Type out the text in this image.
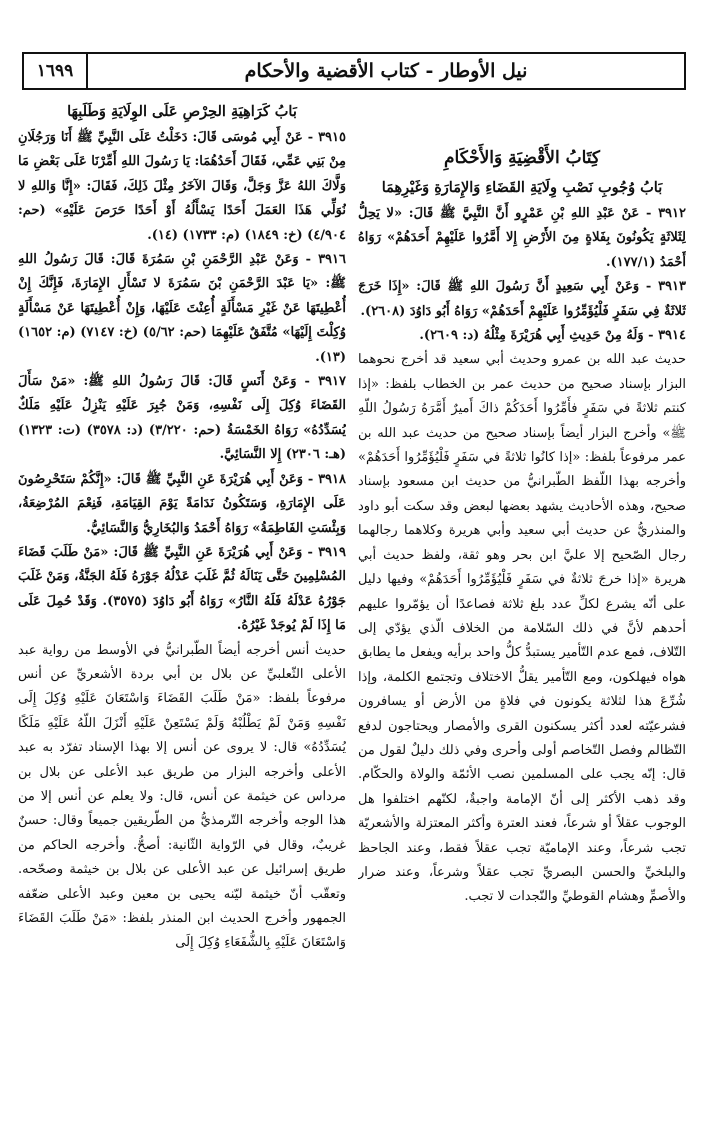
١٦٩٩	نيل الأوطار - كتاب الأقضية والأحكام

كِتَابُ الأَقْضِيَةِ وَالأَحْكَامِ

بَابُ وُجُوبِ نَصْبِ وِلَايَةِ القَضَاءِ وَالإِمَارَةِ وَغَيْرِهِمَا

٣٩١٢ - عَنْ عَبْدِ اللهِ بْنِ عَمْرٍو أَنَّ النَّبِيَّ ﷺ قَالَ: «لا يَحِلُّ لِثَلاثَةٍ يَكُونُونَ بِفَلاةٍ مِنَ الأَرْضِ إِلا أَمَّرُوا عَلَيْهِمْ أَحَدَهُمْ» رَوَاهُ أَحْمَدُ (١٧٧/١).

٣٩١٣ - وَعَنْ أَبِي سَعِيدٍ أَنَّ رَسُولَ اللهِ ﷺ قَالَ: «إِذَا خَرَجَ ثَلاثَةٌ فِي سَفَرٍ فَلْيُؤَمِّرُوا عَلَيْهِمْ أَحَدَهُمْ» رَوَاهُ أَبُو دَاوُدَ (٢٦٠٨).

٣٩١٤ - وَلَهُ مِنْ حَدِيثِ أَبِي هُرَيْرَةَ مِثْلُهُ (د: ٢٦٠٩).

حديث عبد الله بن عمرو وحديث أبي سعيد قد أخرج نحوهما البزار بإسناد صحيح من حديث عمر بن الخطاب بلفظ: «إذا كنتم ثلاثةً في سَفَرٍ فأَمِّرُوا أَحَدَكُمْ ذاكَ أَميرٌ أَمَّرَهُ رَسُولُ اللّهِ ﷺ» وأخرج البزار أيضاً بإسناد صحيح من حديث عبد الله بن عمر مرفوعاً بلفظ: «إذا كانُوا ثلاثةً في سَفَرٍ فَلْيُؤَمِّرُوا أَحَدَهُمْ» وأخرجه بهذا اللّفظ الطّبرانيُّ من حديث ابن مسعود بإسناد صحيح، وهذه الأحاديث يشهد بعضها لبعض وقد سكت أبو داود والمنذريُّ عن حديث أبي سعيد وأبي هريرة وكلاهما رجالهما رجال الصّحيح إلا عليَّ ابن بحر وهو ثقة، ولفظ حديث أبي هريرة «إذا خرجَ ثلاثةٌ في سَفَرٍ فَلْيُؤَمِّرُوا أَحَدَهُمْ» وفيها دليل على أنّه يشرع لكلِّ عدد بلغ ثلاثة فصاعدًا أن يؤمّروا عليهم أحدهم لأنَّ في ذلك السّلامة من الخلاف الّذي يؤدّي إلى التّلاف، فمع عدم التّأمير يستبدُّ كلُّ واحد برأيه ويفعل ما يطابق هواه فيهلكون، ومع التّأمير يقلُّ الاختلاف وتجتمع الكلمة، وإذا شُرِّعَ هذا لثلاثة يكونون في فلاةٍ من الأرض أو يسافرون فشرعيّته لعدد أكثر يسكنون القرى والأمصار ويحتاجون لدفع التّظالم وفصل التّخاصم أولى وأحرى وفي ذلك دليلٌ لقول من قال: إنّه يجب على المسلمين نصب الأئمّة والولاة والحكّام. وقد ذهب الأكثر إلى أنّ الإمامة واجبةٌ، لكنّهم اختلفوا هل الوجوب عقلاً أو شرعاً، فعند العترة وأكثر المعتزلة والأشعريّة تجب شرعاً، وعند الإماميّة تجب عقلاً فقط، وعند الجاحظ والبلخيِّ والحسن البصريِّ تجب عقلاً وشرعاً، وعند ضرار والأصمِّ وهشام القوطيِّ والنّجدات لا تجب.

بَابُ كَرَاهِيَةِ الحِرْصِ عَلَى الوِلَايَةِ وَطَلَبِهَا

٣٩١٥ - عَنْ أَبِي مُوسَى قَالَ: دَخَلْتُ عَلَى النَّبِيِّ ﷺ أَنَا وَرَجُلَانِ مِنْ بَنِي عَمِّي، فَقَالَ أَحَدُهُمَا: يَا رَسُولَ اللهِ أَمِّرْنَا عَلَى بَعْضِ مَا وَلَّاكَ اللهُ عَزَّ وَجَلَّ، وَقَالَ الآخَرُ مِثْلَ ذَلِكَ، فَقَالَ: «إِنَّا وَاللهِ لا نُوَلِّي هَذَا العَمَلَ أَحَدًا يَسْأَلُهُ أَوْ أَحَدًا حَرَصَ عَلَيْهِ» (حم: ٤/٩٠٤) (خ: ١٨٤٩) (م: ١٧٣٣) (١٤).

٣٩١٦ - وَعَنْ عَبْدِ الرَّحْمَنِ بْنِ سَمُرَةَ قَالَ: قَالَ رَسُولُ اللهِ ﷺ: «يَا عَبْدَ الرَّحْمَنِ بْنَ سَمُرَةَ لا تَسْأَلِ الإِمَارَةَ، فَإِنَّكَ إِنْ أُعْطِيتَهَا عَنْ غَيْرِ مَسْأَلَةٍ أُعِنْتَ عَلَيْهَا، وَإِنْ أُعْطِيتَهَا عَنْ مَسْأَلَةٍ وُكِلْتَ إِلَيْهَا» مُتَّفَقٌ عَلَيْهِمَا (حم: ٥/٦٢) (خ: ٧١٤٧) (م: ١٦٥٢) (١٣).

٣٩١٧ - وَعَنْ أَنَسٍ قَالَ: قَالَ رَسُولُ اللهِ ﷺ: «مَنْ سَأَلَ القَضَاءَ وُكِلَ إِلَى نَفْسِهِ، وَمَنْ جُبِرَ عَلَيْهِ يَنْزِلُ عَلَيْهِ مَلَكٌ يُسَدِّدُهُ» رَوَاهُ الخَمْسَةُ (حم: ٣/٢٢٠) (د: ٣٥٧٨) (ت: ١٣٢٣) (هـ: ٢٣٠٦) إِلا النَّسَائِيَّ.

٣٩١٨ - وَعَنْ أَبِي هُرَيْرَةَ عَنِ النَّبِيِّ ﷺ قَالَ: «إِنَّكُمْ سَتَحْرِصُونَ عَلَى الإِمَارَةِ، وَسَتَكُونُ نَدَامَةً يَوْمَ القِيَامَةِ، فَنِعْمَ المُرْضِعَةُ، وَبِئْسَتِ الفَاطِمَةُ» رَوَاهُ أَحْمَدُ وَالبُخَارِيُّ وَالنَّسَائِيُّ.

٣٩١٩ - وَعَنْ أَبِي هُرَيْرَةَ عَنِ النَّبِيِّ ﷺ قَالَ: «مَنْ طَلَبَ قَضَاءَ المُسْلِمِينَ حَتَّى يَنَالَهُ ثُمَّ غَلَبَ عَدْلُهُ جَوْرَهُ فَلَهُ الجَنَّةُ، وَمَنْ غَلَبَ جَوْرُهُ عَدْلَهُ فَلَهُ النَّارُ» رَوَاهُ أَبُو دَاوُدَ (٣٥٧٥). وَقَدْ حُمِلَ عَلَى مَا إِذَا لَمْ يُوجَدْ غَيْرُهُ.

حديث أنس أخرجه أيضاً الطّبرانيُّ في الأوسط من رواية عبد الأعلى الثّعلبيِّ عن بلال بن أبي بردة الأشعريِّ عن أنس مرفوعاً بلفظ: «مَنْ طَلَبَ القَضَاءَ وَاسْتَعَانَ عَلَيْهِ وُكِلَ إِلَى نَفْسِهِ وَمَنْ لَمْ يَطْلُبْهُ وَلَمْ يَسْتَعِنْ عَلَيْهِ أَنْزَلَ اللّهُ عَلَيْهِ مَلَكًا يُسَدِّدُهُ» قال: لا يروى عن أنس إلا بهذا الإسناد تفرّد به عبد الأعلى وأخرجه البزار من طريق عبد الأعلى عن بلال بن مرداس عن خيثمة عن أنس، قال: ولا يعلم عن أنس إلا من هذا الوجه وأخرجه التّرمذيُّ من الطّريقين جميعاً وقال: حسنٌ غريبٌ، وقال في الرّواية الثّانية: أصحُّ. وأخرجه الحاكم من طريق إسرائيل عن عبد الأعلى عن بلال بن خيثمة وصحّحه. وتعقّب أنّ خيثمة ليّنه يحيى بن معين وعبد الأعلى ضعّفه الجمهور وأخرج الحديث ابن المنذر بلفظ: «مَنْ طَلَبَ القَضَاءَ وَاسْتَعَانَ عَلَيْهِ بِالشُّفَعَاءِ وُكِلَ إِلَى
